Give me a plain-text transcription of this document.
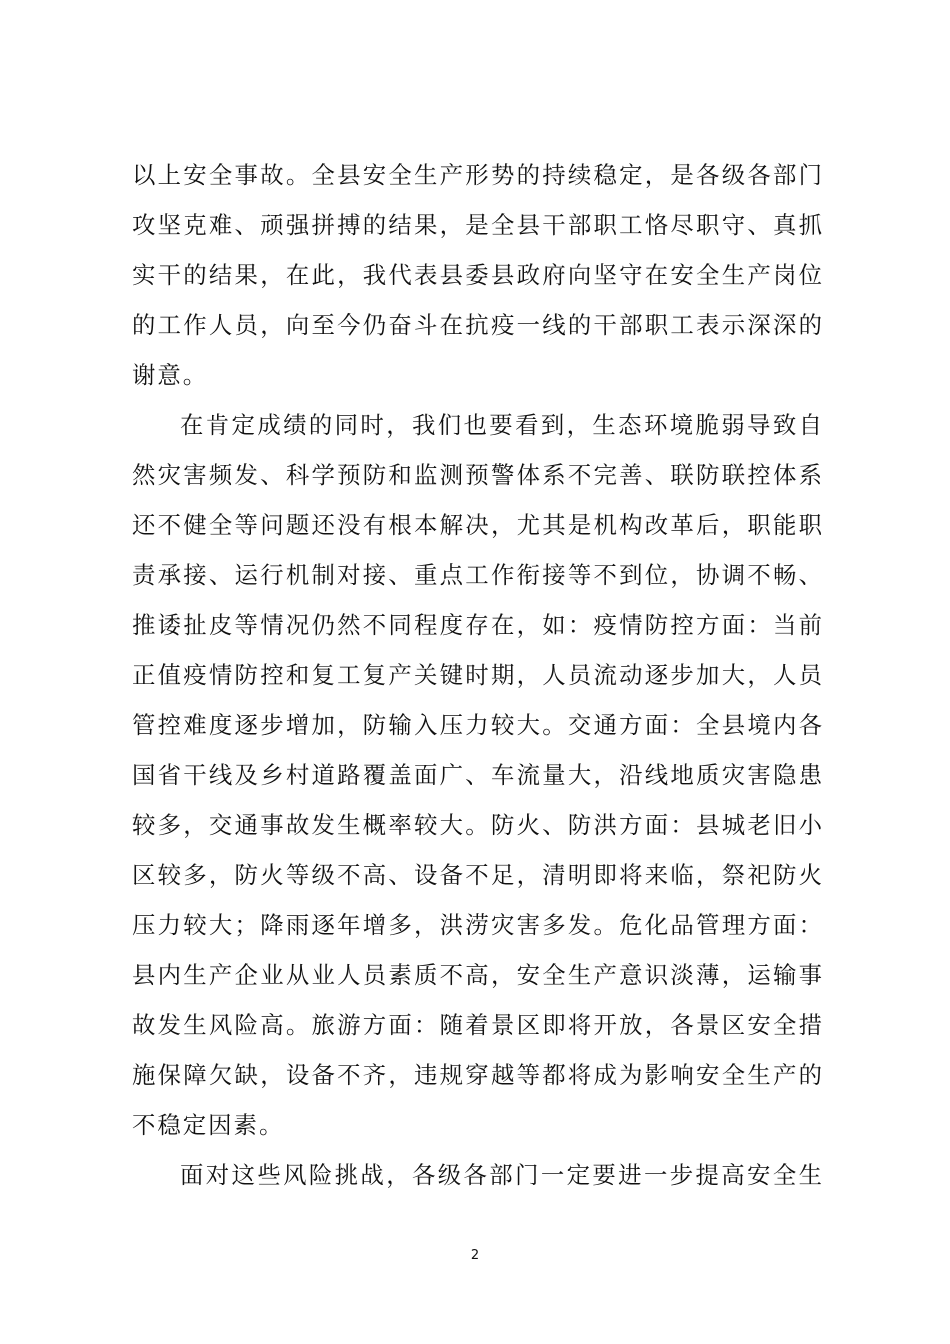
以上安全事故。全县安全生产形势的持续稳定，是各级各部门
攻坚克难、顽强拼搏的结果，是全县干部职工恪尽职守、真抓
实干的结果，在此，我代表县委县政府向坚守在安全生产岗位
的工作人员，向至今仍奋斗在抗疫一线的干部职工表示深深的
谢意。
在肯定成绩的同时，我们也要看到，生态环境脆弱导致自
然灾害频发、科学预防和监测预警体系不完善、联防联控体系
还不健全等问题还没有根本解决，尤其是机构改革后，职能职
责承接、运行机制对接、重点工作衔接等不到位，协调不畅、
推诿扯皮等情况仍然不同程度存在，如：疫情防控方面：当前
正值疫情防控和复工复产关键时期，人员流动逐步加大，人员
管控难度逐步增加，防输入压力较大。交通方面：全县境内各
国省干线及乡村道路覆盖面广、车流量大，沿线地质灾害隐患
较多，交通事故发生概率较大。防火、防洪方面：县城老旧小
区较多，防火等级不高、设备不足，清明即将来临，祭祀防火
压力较大；降雨逐年增多，洪涝灾害多发。危化品管理方面：
县内生产企业从业人员素质不高，安全生产意识淡薄，运输事
故发生风险高。旅游方面：随着景区即将开放，各景区安全措
施保障欠缺，设备不齐，违规穿越等都将成为影响安全生产的
不稳定因素。
面对这些风险挑战，各级各部门一定要进一步提高安全生
2
